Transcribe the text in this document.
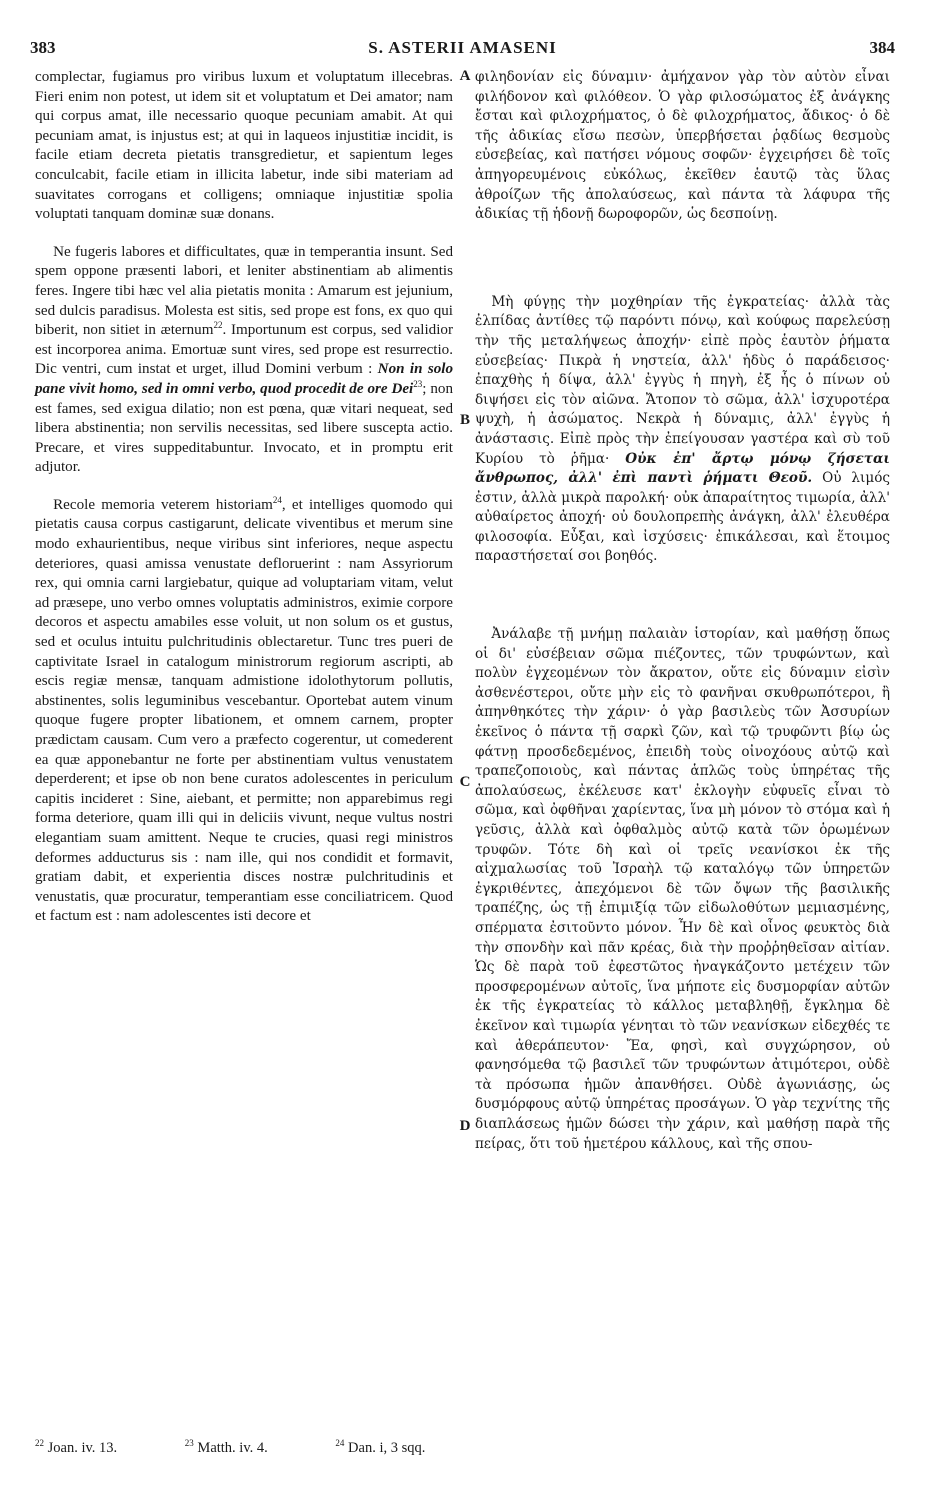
383	S. ASTERII AMASENI	384

complectar, fugiamus pro viribus luxum et voluptatum illecebras. Fieri enim non potest, ut idem sit et voluptatum et Dei amator; nam qui corpus amat, ille necessario quoque pecuniam amabit. At qui pecuniam amat, is injustus est; at qui in laqueos injustitiæ incidit, is facile etiam decreta pietatis transgredietur, et sapientum leges conculcabit, facile etiam in illicita labetur, inde sibi materiam ad suavitates corrogans et colligens; omniaque injustitiæ spolia voluptati tanquam dominæ suæ donans.

Ne fugeris labores et difficultates, quæ in temperantia insunt. Sed spem oppone præsenti labori, et leniter abstinentiam ab alimentis feres. Ingere tibi hæc vel alia pietatis monita : Amarum est jejunium, sed dulcis paradisus. Molesta est sitis, sed prope est fons, ex quo qui biberit, non sitiet in æternum$^{22}$. Importunum est corpus, sed validior est incorporea anima. Emortuæ sunt vires, sed prope est resurrectio. Dic ventri, cum instat et urget, illud Domini verbum : Non in solo pane vivit homo, sed in omni verbo, quod procedit de ore Dei$^{23}$; non est fames, sed exigua dilatio; non est pœna, quæ vitari nequeat, sed libera abstinentia; non servilis necessitas, sed libere suscepta actio. Precare, et vires suppeditabuntur. Invocato, et in promptu erit adjutor.

Recole memoria veterem historiam$^{24}$, et intelliges quomodo qui pietatis causa corpus castigarunt, delicate viventibus et merum sine modo exhaurientibus, neque viribus sint inferiores, neque aspectu deteriores, quasi amissa venustate defloruerint : nam Assyriorum rex, qui omnia carni largiebatur, quique ad voluptariam vitam, velut ad præsepe, uno verbo omnes voluptatis administros, eximie corpore decoros et aspectu amabiles esse voluit, ut non solum os et gustus, sed et oculus intuitu pulchritudinis oblectaretur. Tunc tres pueri de captivitate Israel in catalogum ministrorum regiorum ascripti, ab escis regiæ mensæ, tanquam admistione idolothytorum pollutis, abstinentes, solis leguminibus vescebantur. Oportebat autem vinum quoque fugere propter libationem, et omnem carnem, propter prædictam causam. Cum vero a præfecto cogerentur, ut comederent ea quæ apponebantur ne forte per abstinentiam vultus venustatem deperderent; et ipse ob non bene curatos adolescentes in periculum capitis incideret : Sine, aiebant, et permitte; non apparebimus regi forma deteriore, quam illi qui in deliciis vivunt, neque vultus nostri elegantiam suam amittent. Neque te crucies, quasi regi ministros deformes adducturus sis : nam ille, qui nos condidit et formavit, gratiam dabit, et experientia disces nostræ pulchritudinis et venustatis, quæ procuratur, temperantiam esse conciliatricem. Quod et factum est : nam adolescentes isti decore et

A
B
C
D

φιληδονίαν εἰς δύναμιν· ἀμήχανον γὰρ τὸν αὐτὸν εἶναι φιλήδονον καὶ φιλόθεον. Ὁ γὰρ φιλοσώματος ἐξ ἀνάγκης ἔσται καὶ φιλοχρήματος, ὁ δὲ φιλοχρήματος, ἄδικος· ὁ δὲ τῆς ἀδικίας εἴσω πεσὼν, ὑπερβήσεται ῥᾳδίως θεσμοὺς εὐσεβείας, καὶ πατήσει νόμους σοφῶν· ἐγχειρήσει δὲ τοῖς ἀπηγορευμένοις εὐκόλως, ἐκεῖθεν ἑαυτῷ τὰς ὕλας ἀθροίζων τῆς ἀπολαύσεως, καὶ πάντα τὰ λάφυρα τῆς ἀδικίας τῇ ἡδονῇ δωροφορῶν, ὡς δεσποίνῃ.

Μὴ φύγῃς τὴν μοχθηρίαν τῆς ἐγκρατείας· ἀλλὰ τὰς ἐλπίδας ἀντίθες τῷ παρόντι πόνῳ, καὶ κούφως παρελεύσῃ τὴν τῆς μεταλήψεως ἀποχήν· εἰπὲ πρὸς ἑαυτὸν ῥήματα εὐσεβείας· Πικρὰ ἡ νηστεία, ἀλλ' ἡδὺς ὁ παράδεισος· ἐπαχθὴς ἡ δίψα, ἀλλ' ἐγγὺς ἡ πηγὴ, ἐξ ἧς ὁ πίνων οὐ διψήσει εἰς τὸν αἰῶνα. Ἄτοπον τὸ σῶμα, ἀλλ' ἰσχυροτέρα ψυχὴ, ἡ ἀσώματος. Νεκρὰ ἡ δύναμις, ἀλλ' ἐγγὺς ἡ ἀνάστασις. Εἰπὲ πρὸς τὴν ἐπείγουσαν γαστέρα καὶ σὺ τοῦ Κυρίου τὸ ῥῆμα· Οὐκ ἐπ' ἄρτῳ μόνῳ ζήσεται ἄνθρωπος, ἀλλ' ἐπὶ παντὶ ῥήματι Θεοῦ. Οὐ λιμός ἐστιν, ἀλλὰ μικρὰ παρολκή· οὐκ ἀπαραίτητος τιμωρία, ἀλλ' αὐθαίρετος ἀποχή· οὐ δουλοπρεπὴς ἀνάγκη, ἀλλ' ἐλευθέρα φιλοσοφία. Εὖξαι, καὶ ἰσχύσεις· ἐπικάλεσαι, καὶ ἕτοιμος παραστήσεταί σοι βοηθός.

Ἀνάλαβε τῇ μνήμῃ παλαιὰν ἱστορίαν, καὶ μαθήσῃ ὅπως οἱ δι' εὐσέβειαν σῶμα πιέζοντες, τῶν τρυφώντων, καὶ πολὺν ἐγχεομένων τὸν ἄκρατον, οὔτε εἰς δύναμιν εἰσὶν ἀσθενέστεροι, οὔτε μὴν εἰς τὸ φανῆναι σκυθρωπότεροι, ἢ ἀπηνθηκότες τὴν χάριν· ὁ γὰρ βασιλεὺς τῶν Ἀσσυρίων ἐκεῖνος ὁ πάντα τῇ σαρκὶ ζῶν, καὶ τῷ τρυφῶντι βίῳ ὡς φάτνῃ προσδεδεμένος, ἐπειδὴ τοὺς οἰνοχόους αὐτῷ καὶ τραπεζοποιοὺς, καὶ πάντας ἁπλῶς τοὺς ὑπηρέτας τῆς ἀπολαύσεως, ἐκέλευσε κατ' ἐκλογὴν εὐφυεῖς εἶναι τὸ σῶμα, καὶ ὀφθῆναι χαρίεντας, ἵνα μὴ μόνον τὸ στόμα καὶ ἡ γεῦσις, ἀλλὰ καὶ ὀφθαλμὸς αὐτῷ κατὰ τῶν ὁρωμένων τρυφῶν. Τότε δὴ καὶ οἱ τρεῖς νεανίσκοι ἐκ τῆς αἰχμαλωσίας τοῦ Ἰσραὴλ τῷ καταλόγῳ τῶν ὑπηρετῶν ἐγκριθέντες, ἀπεχόμενοι δὲ τῶν ὄψων τῆς βασιλικῆς τραπέζης, ὡς τῇ ἐπιμιξίᾳ τῶν εἰδωλοθύτων μεμιασμένης, σπέρματα ἐσιτοῦντο μόνον. Ἦν δὲ καὶ οἶνος φευκτὸς διὰ τὴν σπονδὴν καὶ πᾶν κρέας, διὰ τὴν προῤῥηθεῖσαν αἰτίαν. Ὡς δὲ παρὰ τοῦ ἐφεστῶτος ἠναγκάζοντο μετέχειν τῶν προσφερομένων αὐτοῖς, ἵνα μήποτε εἰς δυσμορφίαν αὐτῶν ἐκ τῆς ἐγκρατείας τὸ κάλλος μεταβληθῇ, ἔγκλημα δὲ ἐκεῖνον καὶ τιμωρία γένηται τὸ τῶν νεανίσκων εἰδεχθές τε καὶ ἀθεράπευτον· Ἔα, φησὶ, καὶ συγχώρησον, οὐ φανησόμεθα τῷ βασιλεῖ τῶν τρυφώντων ἀτιμότεροι, οὐδὲ τὰ πρόσωπα ἡμῶν ἀπανθήσει. Οὐδὲ ἀγωνιάσῃς, ὡς δυσμόρφους αὐτῷ ὑπηρέτας προσάγων. Ὁ γὰρ τεχνίτης τῆς διαπλάσεως ἡμῶν δώσει τὴν χάριν, καὶ μαθήσῃ παρὰ τῆς πείρας, ὅτι τοῦ ἡμετέρου κάλλους, καὶ τῆς σπου-

$^{22}$ Joan. iv. 13.	$^{23}$ Matth. iv. 4.	$^{24}$ Dan. i, 3 sqq.
